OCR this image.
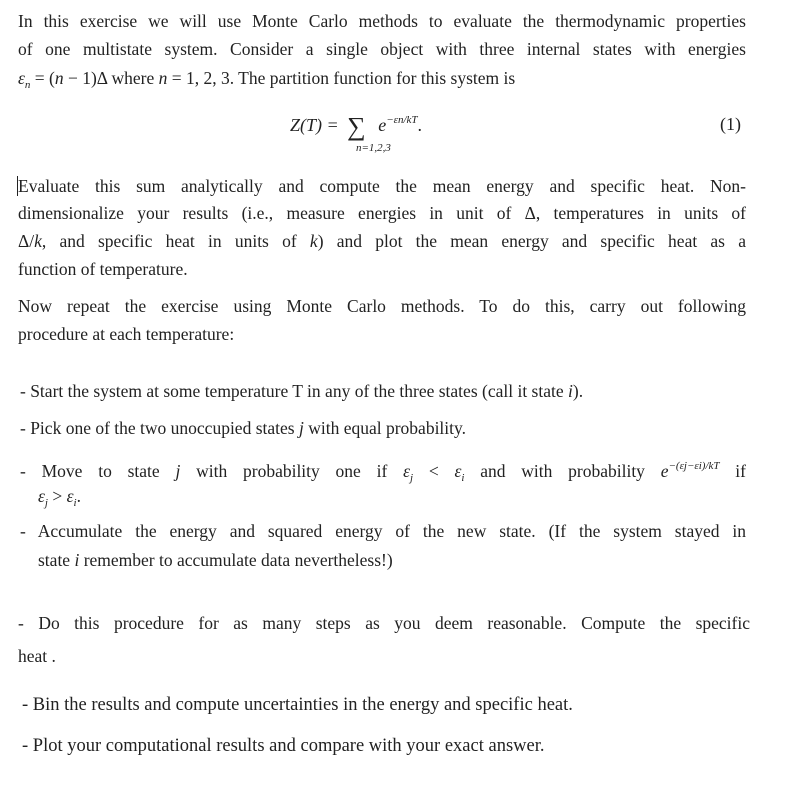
In this exercise we will use Monte Carlo methods to evaluate the thermodynamic properties
of one multistate system. Consider a single object with three internal states with energies
$\varepsilon_n = (n - 1)\Delta$ where n = 1, 2, 3. The partition function for this system is
Evaluate this sum analytically and compute the mean energy and specific heat. Non-
dimensionalize your results (i.e., measure energies in unit of Δ, temperatures in units of
Δ/k, and specific heat in units of k) and plot the mean energy and specific heat as a
function of temperature.
Now repeat the exercise using Monte Carlo methods. To do this, carry out following
procedure at each temperature:
- Start the system at some temperature T in any of the three states (call it state i).
- Pick one of the two unoccupied states j with equal probability.
- Move to state j with probability one if $\varepsilon_j < \varepsilon_i$ and with probability $e^{-(\varepsilon j-\varepsilon i)/kT}$ if
$\varepsilon_j > \varepsilon_i$.
- Accumulate the energy and squared energy of the new state. (If the system stayed in
state i remember to accumulate data nevertheless!)
- Do this procedure for as many steps as you deem reasonable. Compute the specific
heat .
- Bin the results and compute uncertainties in the energy and specific heat.
- Plot your computational results and compare with your exact answer.
Z(T) = ∑
n=1,2,3
$e^{-\varepsilon n/kT}$.	(1)
